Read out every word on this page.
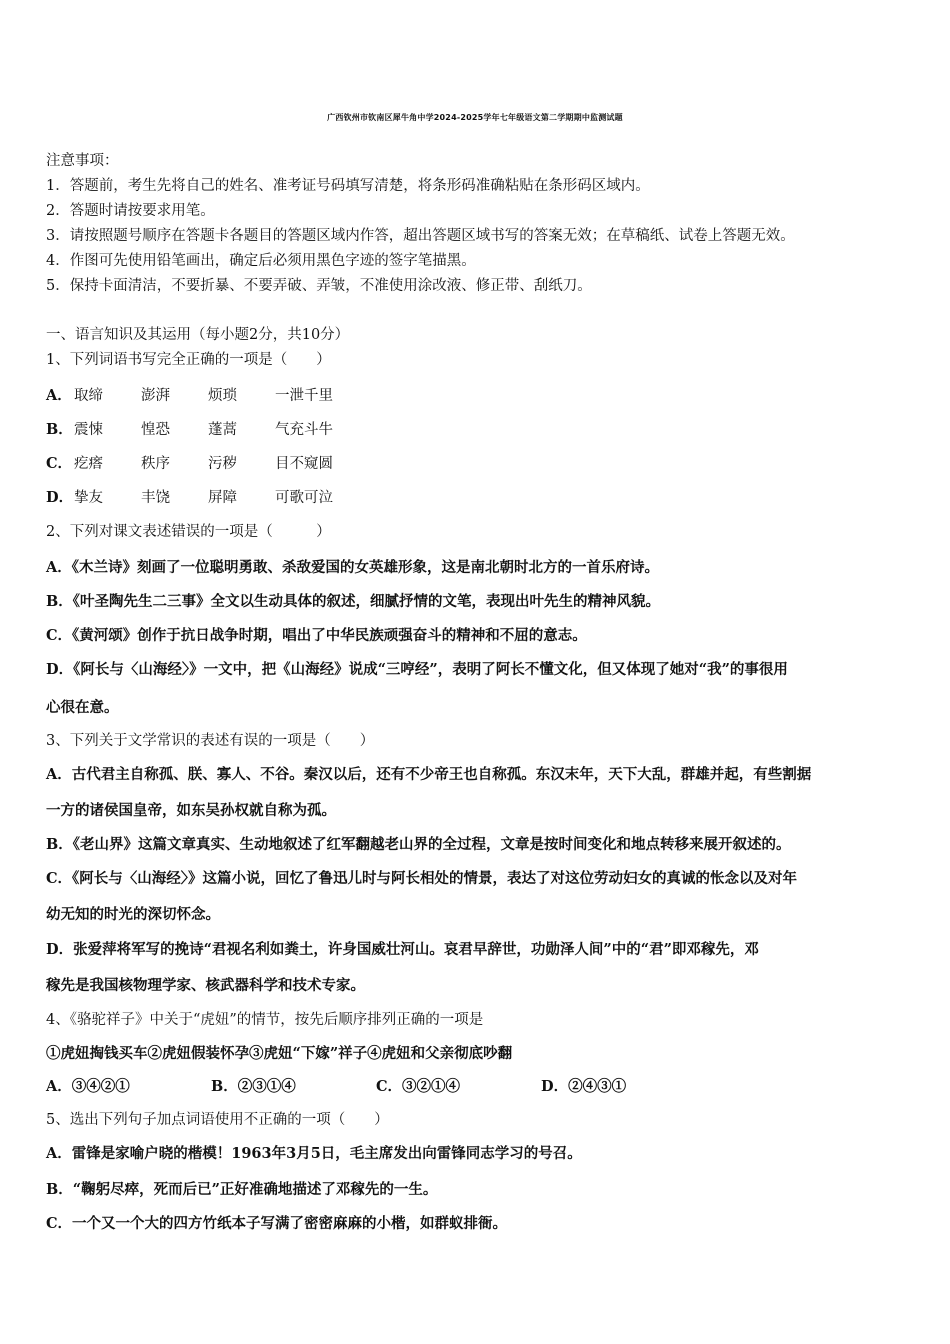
广西钦州市钦南区犀牛角中学2024-2025学年七年级语文第二学期期中监测试题
注意事项：
1．答题前，考生先将自己的姓名、准考证号码填写清楚，将条形码准确粘贴在条形码区域内。
2．答题时请按要求用笔。
3．请按照题号顺序在答题卡各题目的答题区域内作答，超出答题区域书写的答案无效；在草稿纸、试卷上答题无效。
4．作图可先使用铅笔画出，确定后必须用黑色字迹的签字笔描黑。
5．保持卡面清洁，不要折暴、不要弄破、弄皱，不准使用涂改液、修正带、刮纸刀。
一、语言知识及其运用（每小题2分，共10分）
1、下列词语书写完全正确的一项是（　　）
A． 取缔	澎湃	烦琐	一泄千里
B．震悚	惶恐	蓬蒿	气充斗牛
C． 疙瘩	秩序	污秽	目不窥圆
D．挚友	丰饶	屏障	可歌可泣
2、下列对课文表述错误的一项是（　　　）
A．《木兰诗》刻画了一位聪明勇敢、杀敌爱国的女英雄形象，这是南北朝时北方的一首乐府诗。
B．《叶圣陶先生二三事》全文以生动具体的叙述，细腻抒情的文笔，表现出叶先生的精神风貌。
C．《黄河颂》创作于抗日战争时期，唱出了中华民族顽强奋斗的精神和不屈的意志。
D．《阿长与〈山海经〉》一文中，把《山海经》说成“三哼经”，表明了阿长不懂文化，但又体现了她对“我”的事很用
心很在意。
3、下列关于文学常识的表述有误的一项是（　　）
A．古代君主自称孤、朕、寡人、不谷。秦汉以后，还有不少帝王也自称孤。东汉末年，天下大乱，群雄并起，有些割据
一方的诸侯国皇帝，如东吴孙权就自称为孤。
B．《老山界》这篇文章真实、生动地叙述了红军翻越老山界的全过程，文章是按时间变化和地点转移来展开叙述的。
C．《阿长与〈山海经〉》这篇小说，回忆了鲁迅儿时与阿长相处的情景，表达了对这位劳动妇女的真诚的怅念以及对年
幼无知的时光的深切怀念。
D．张爱萍将军写的挽诗“君视名利如粪土，许身国威壮河山。哀君早辞世，功勋泽人间”中的“君”即邓稼先，邓
稼先是我国核物理学家、核武器科学和技术专家。
4、《骆驼祥子》中关于“虎妞”的情节，按先后顺序排列正确的一项是
①虎妞掏钱买车②虎妞假装怀孕③虎妞“下嫁”祥子④虎妞和父亲彻底吵翻
A．③④②①	B．②③①④	C．③②①④	D．②④③①
5、选出下列句子加点词语使用不正确的一项（　　）
A．雷锋是家喻户晓的楷模！1963年3月5日，毛主席发出向雷锋同志学习的号召。
B．“鞠躬尽瘁，死而后已”正好准确地描述了邓稼先的一生。
C．一个又一个大的四方竹纸本子写满了密密麻麻的小楷，如群蚁排衙。
